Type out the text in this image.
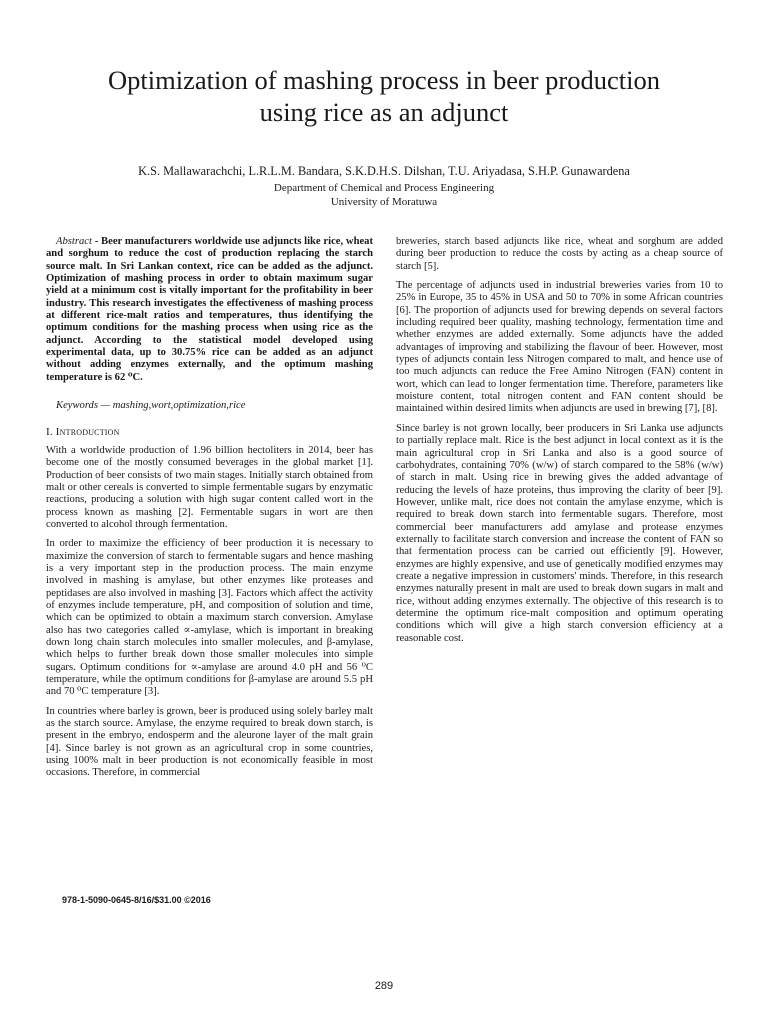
Optimization of mashing process in beer production
using rice as an adjunct
K.S. Mallawarachchi, L.R.L.M. Bandara, S.K.D.H.S. Dilshan, T.U. Ariyadasa, S.H.P. Gunawardena
Department of Chemical and Process Engineering
University of Moratuwa

Abstract - Beer manufacturers worldwide use adjuncts like rice, wheat and sorghum to reduce the cost of production replacing the starch source malt. In Sri Lankan context, rice can be added as the adjunct. Optimization of mashing process in order to obtain maximum sugar yield at a minimum cost is vitally important for the profitability in beer industry. This research investigates the effectiveness of mashing process at different rice-malt ratios and temperatures, thus identifying the optimum conditions for the mashing process when using rice as the adjunct. According to the statistical model developed using experimental data, up to 30.75% rice can be added as an adjunct without adding enzymes externally, and the optimum mashing temperature is 62 ⁰C.

Keywords — mashing,wort,optimization,rice

I. Introduction

With a worldwide production of 1.96 billion hectoliters in 2014, beer has become one of the mostly consumed beverages in the global market [1]. Production of beer consists of two main stages. Initially starch obtained from malt or other cereals is converted to simple fermentable sugars by enzymatic reactions, producing a solution with high sugar content called wort in the process known as mashing [2]. Fermentable sugars in wort are then converted to alcohol through fermentation.

In order to maximize the efficiency of beer production it is necessary to maximize the conversion of starch to fermentable sugars and hence mashing is a very important step in the production process. The main enzyme involved in mashing is amylase, but other enzymes like proteases and peptidases are also involved in mashing [3]. Factors which affect the activity of enzymes include temperature, pH, and composition of solution and time, which can be optimized to obtain a maximum starch conversion. Amylase also has two categories called ∝-amylase, which is important in breaking down long chain starch molecules into smaller molecules, and β-amylase, which helps to further break down those smaller molecules into simple sugars. Optimum conditions for ∝-amylase are around 4.0 pH and 56 ⁰C temperature, while the optimum conditions for β-amylase are around 5.5 pH and 70 ⁰C temperature [3].

In countries where barley is grown, beer is produced using solely barley malt as the starch source. Amylase, the enzyme required to break down starch, is present in the embryo, endosperm and the aleurone layer of the malt grain [4]. Since barley is not grown as an agricultural crop in some countries, using 100% malt in beer production is not economically feasible in most occasions. Therefore, in commercial

breweries, starch based adjuncts like rice, wheat and sorghum are added during beer production to reduce the costs by acting as a cheap source of starch [5].

The percentage of adjuncts used in industrial breweries varies from 10 to 25% in Europe, 35 to 45% in USA and 50 to 70% in some African countries [6]. The proportion of adjuncts used for brewing depends on several factors including required beer quality, mashing technology, fermentation time and whether enzymes are added externally. Some adjuncts have the added advantages of improving and stabilizing the flavour of beer. However, most types of adjuncts contain less Nitrogen compared to malt, and hence use of too much adjuncts can reduce the Free Amino Nitrogen (FAN) content in wort, which can lead to longer fermentation time. Therefore, parameters like moisture content, total nitrogen content and FAN content should be maintained within desired limits when adjuncts are used in brewing [7], [8].

Since barley is not grown locally, beer producers in Sri Lanka use adjuncts to partially replace malt. Rice is the best adjunct in local context as it is the main agricultural crop in Sri Lanka and also is a good source of carbohydrates, containing 70% (w/w) of starch compared to the 58% (w/w) of starch in malt. Using rice in brewing gives the added advantage of reducing the levels of haze proteins, thus improving the clarity of beer [9]. However, unlike malt, rice does not contain the amylase enzyme, which is required to break down starch into fermentable sugars. Therefore, most commercial beer manufacturers add amylase and protease enzymes externally to facilitate starch conversion and increase the content of FAN so that fermentation process can be carried out efficiently [9]. However, enzymes are highly expensive, and use of genetically modified enzymes may create a negative impression in customers' minds. Therefore, in this research enzymes naturally present in malt are used to break down sugars in malt and rice, without adding enzymes externally. The objective of this research is to determine the optimum rice-malt composition and optimum operating conditions which will give a high starch conversion efficiency at a reasonable cost.

978-1-5090-0645-8/16/$31.00 ©2016
289
